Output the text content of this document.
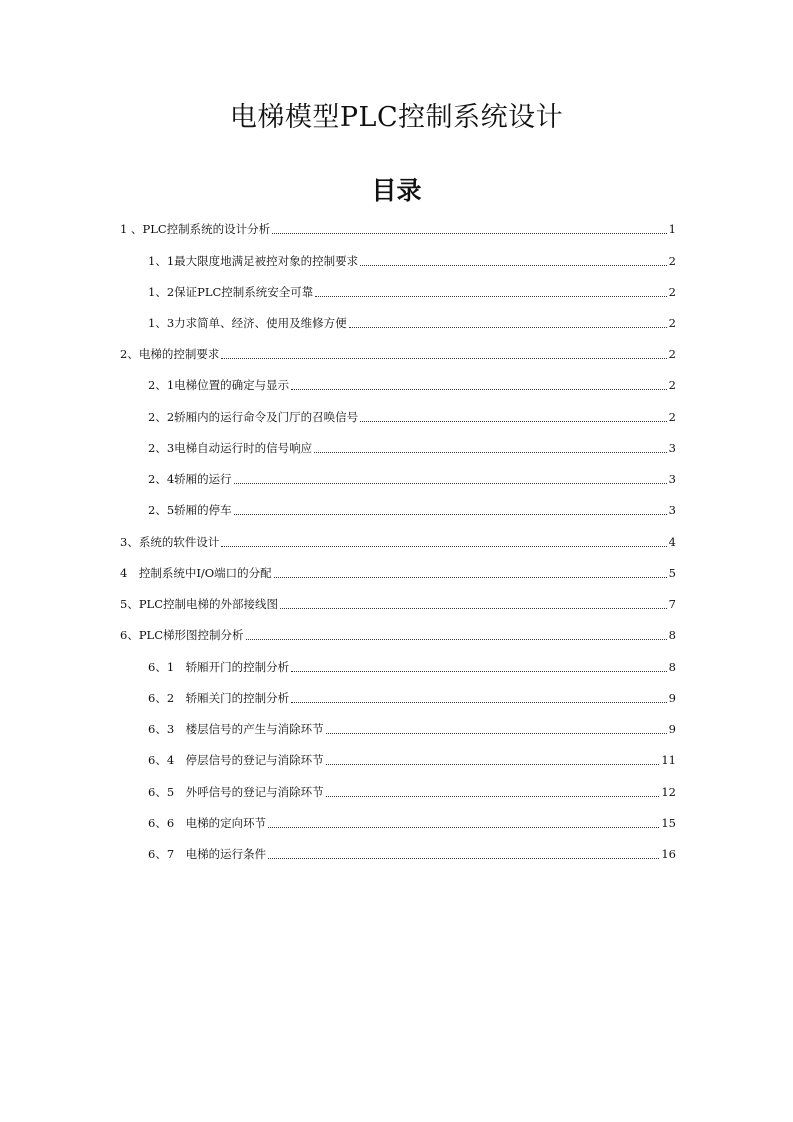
电梯模型PLC控制系统设计
目录
1 、PLC控制系统的设计分析	1
1、1最大限度地满足被控对象的控制要求	2
1、2保证PLC控制系统安全可靠	2
1、3力求简单、经济、使用及维修方便	2
2、电梯的控制要求	2
2、1电梯位置的确定与显示	2
2、2轿厢内的运行命令及门厅的召唤信号	2
2、3电梯自动运行时的信号响应	3
2、4轿厢的运行	3
2、5轿厢的停车	3
3、系统的软件设计	4
4　控制系统中I/O端口的分配	5
5、PLC控制电梯的外部接线图	7
6、PLC梯形图控制分析	8
6、1　轿厢开门的控制分析	8
6、2　轿厢关门的控制分析	9
6、3　楼层信号的产生与消除环节	9
6、4　停层信号的登记与消除环节	11
6、5　外呼信号的登记与消除环节	12
6、6　电梯的定向环节	15
6、7　电梯的运行条件	16
